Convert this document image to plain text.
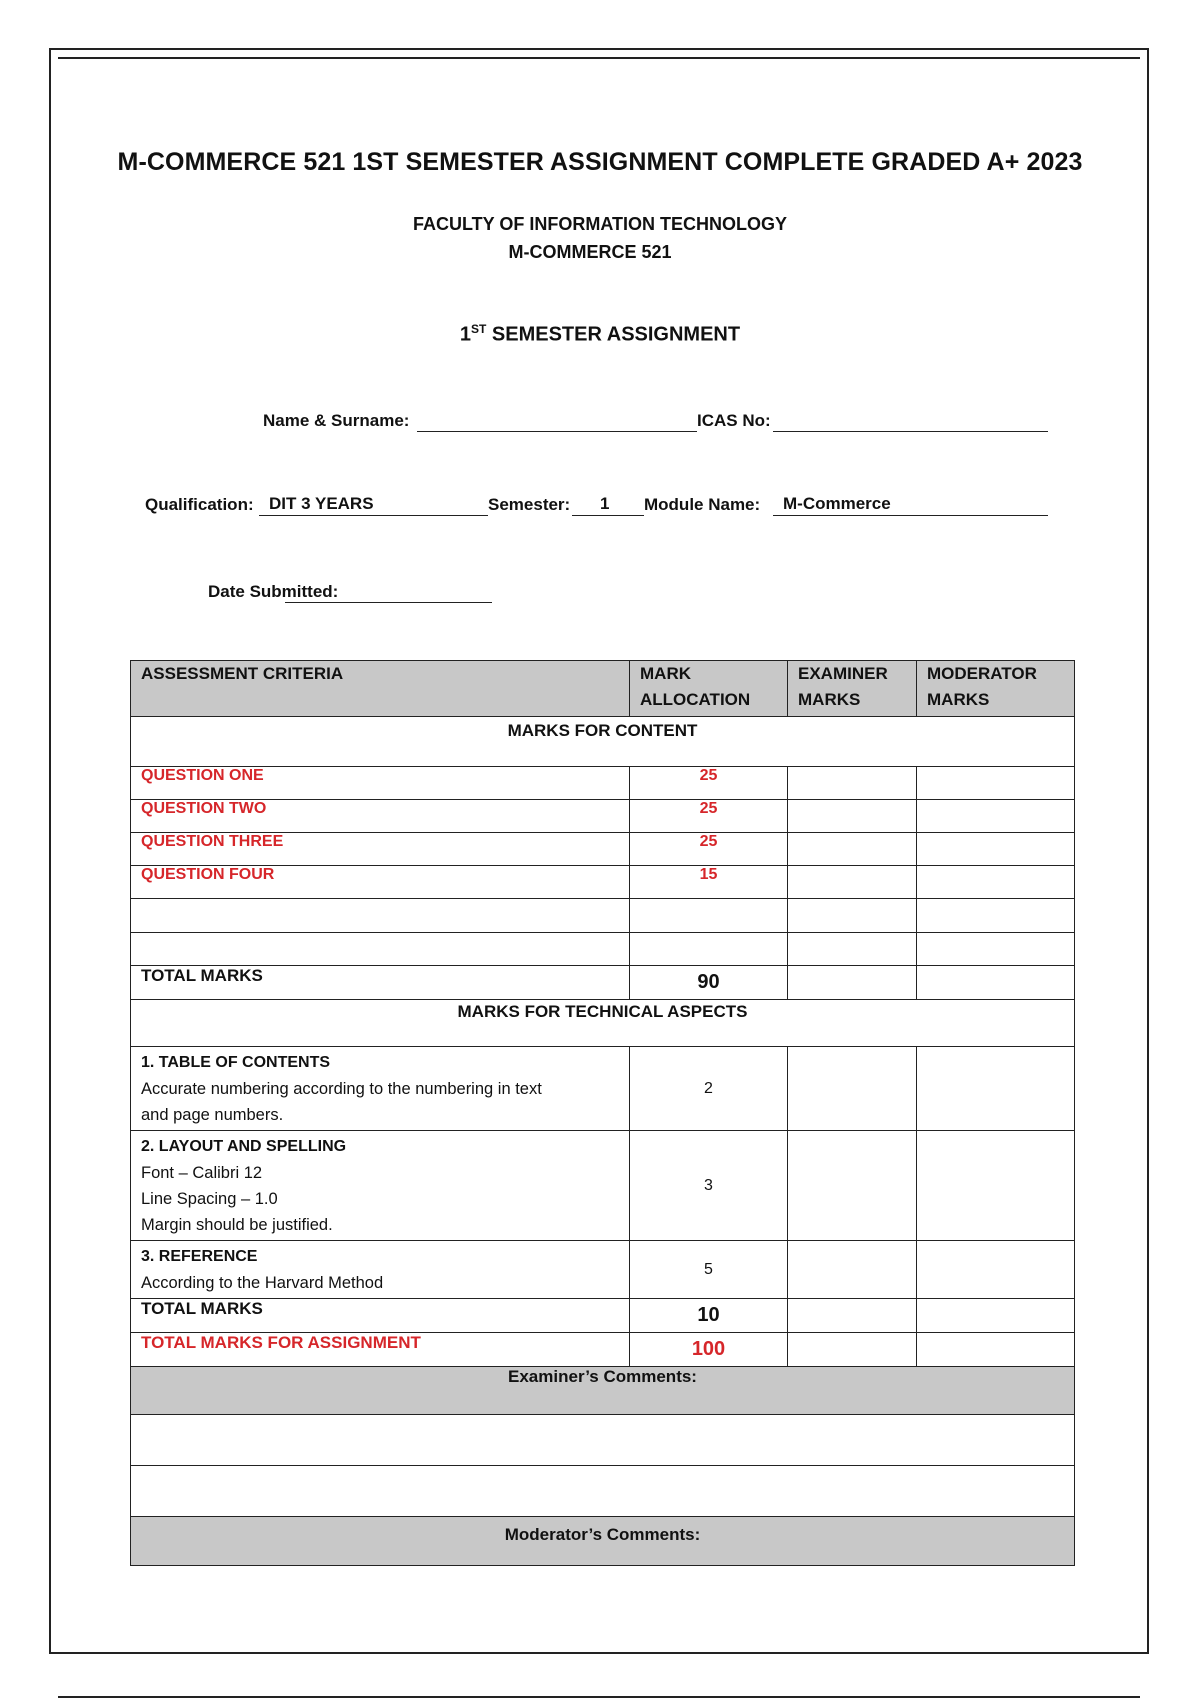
M-COMMERCE 521 1ST SEMESTER ASSIGNMENT COMPLETE GRADED A+ 2023
FACULTY OF INFORMATION TECHNOLOGY
M-COMMERCE 521
1ST SEMESTER ASSIGNMENT
Name & Surname:	ICAS No:
Qualification: DIT 3 YEARS	Semester:	1	Module Name:	M-Commerce
Date Submitted:
ASSESSMENT CRITERIA	MARK ALLOCATION	EXAMINER MARKS	MODERATOR MARKS
MARKS FOR CONTENT			
QUESTION ONE	25		
QUESTION TWO	25		
QUESTION THREE	25		
QUESTION FOUR	15		

TOTAL MARKS	90		
MARKS FOR TECHNICAL ASPECTS			
1. TABLE OF CONTENTS
Accurate numbering according to the numbering in text
and page numbers.	2		
2. LAYOUT AND SPELLING
Font – Calibri 12
Line Spacing – 1.0
Margin should be justified.	3		
3. REFERENCE
According to the Harvard Method	5		
TOTAL MARKS	10		
TOTAL MARKS FOR ASSIGNMENT	100		
Examiner’s Comments:			

Moderator’s Comments:			
